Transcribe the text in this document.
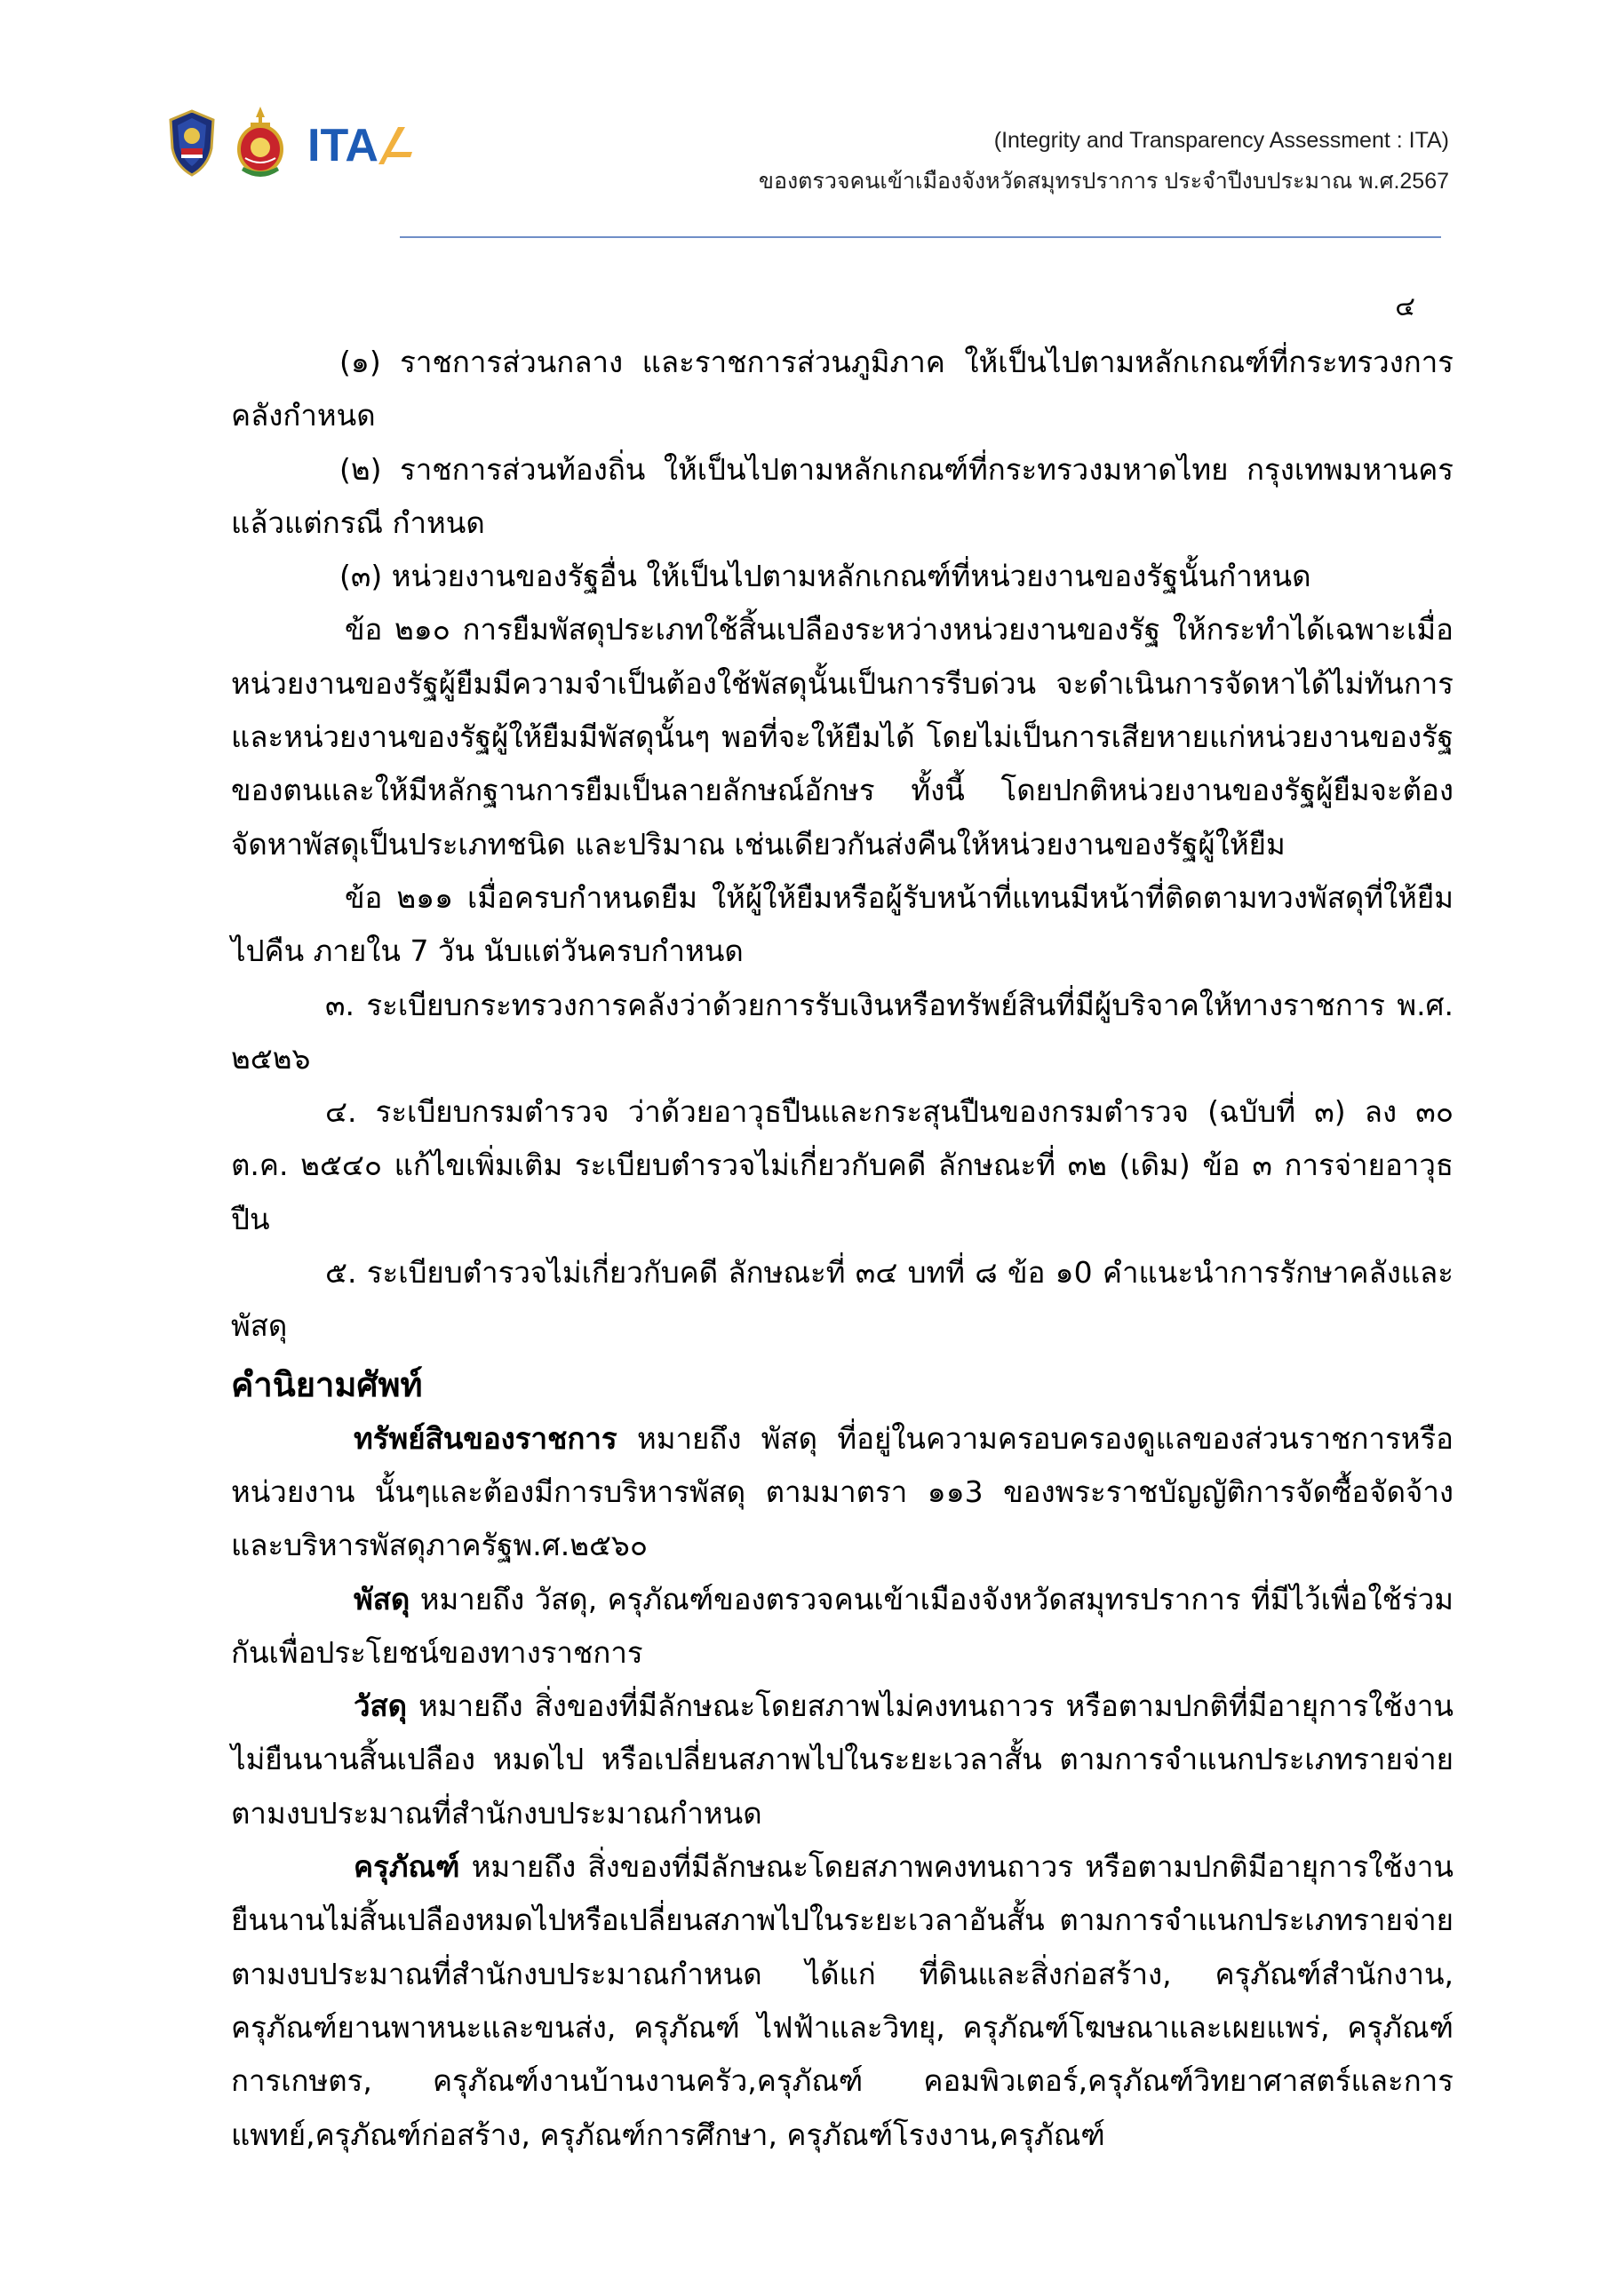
ITA	(Integrity and Transparency Assessment : ITA)
ของตรวจคนเข้าเมืองจังหวัดสมุทรปราการ ประจำปีงบประมาณ พ.ศ.2567
๔

(๑) ราชการส่วนกลาง และราชการส่วนภูมิภาค ให้เป็นไปตามหลักเกณฑ์ที่กระทรวงการคลังกำหนด

(๒) ราชการส่วนท้องถิ่น ให้เป็นไปตามหลักเกณฑ์ที่กระทรวงมหาดไทย กรุงเทพมหานคร แล้วแต่กรณี กำหนด

(๓) หน่วยงานของรัฐอื่น ให้เป็นไปตามหลักเกณฑ์ที่หน่วยงานของรัฐนั้นกำหนด

ข้อ ๒๑๐ การยืมพัสดุประเภทใช้สิ้นเปลืองระหว่างหน่วยงานของรัฐ ให้กระทำได้เฉพาะเมื่อหน่วยงานของรัฐผู้ยืมมีความจำเป็นต้องใช้พัสดุนั้นเป็นการรีบด่วน จะดำเนินการจัดหาได้ไม่ทันการและหน่วยงานของรัฐผู้ให้ยืมมีพัสดุนั้นๆ พอที่จะให้ยืมได้ โดยไม่เป็นการเสียหายแก่หน่วยงานของรัฐของตนและให้มีหลักฐานการยืมเป็นลายลักษณ์อักษร ทั้งนี้ โดยปกติหน่วยงานของรัฐผู้ยืมจะต้องจัดหาพัสดุเป็นประเภทชนิด และปริมาณ เช่นเดียวกันส่งคืนให้หน่วยงานของรัฐผู้ให้ยืม

ข้อ ๒๑๑ เมื่อครบกำหนดยืม ให้ผู้ให้ยืมหรือผู้รับหน้าที่แทนมีหน้าที่ติดตามทวงพัสดุที่ให้ยืมไปคืน ภายใน 7 วัน นับแต่วันครบกำหนด

๓. ระเบียบกระทรวงการคลังว่าด้วยการรับเงินหรือทรัพย์สินที่มีผู้บริจาคให้ทางราชการ พ.ศ. ๒๕๒๖

๔. ระเบียบกรมตำรวจ ว่าด้วยอาวุธปืนและกระสุนปืนของกรมตำรวจ (ฉบับที่ ๓) ลง ๓๐ ต.ค. ๒๕๔๐ แก้ไขเพิ่มเติม ระเบียบตำรวจไม่เกี่ยวกับคดี ลักษณะที่ ๓๒ (เดิม) ข้อ ๓ การจ่ายอาวุธปืน

๕. ระเบียบตำรวจไม่เกี่ยวกับคดี ลักษณะที่ ๓๔ บทที่ ๘ ข้อ ๑0 คำแนะนำการรักษาคลังและพัสดุ

คำนิยามศัพท์

ทรัพย์สินของราชการ หมายถึง พัสดุ ที่อยู่ในความครอบครองดูแลของส่วนราชการหรือหน่วยงาน นั้นๆและต้องมีการบริหารพัสดุ ตามมาตรา ๑๑3 ของพระราชบัญญัติการจัดซื้อจัดจ้างและบริหารพัสดุภาครัฐพ.ศ.๒๕๖๐

พัสดุ หมายถึง วัสดุ, ครุภัณฑ์ของตรวจคนเข้าเมืองจังหวัดสมุทรปราการ ที่มีไว้เพื่อใช้ร่วมกันเพื่อประโยชน์ของทางราชการ

วัสดุ หมายถึง สิ่งของที่มีลักษณะโดยสภาพไม่คงทนถาวร หรือตามปกติที่มีอายุการใช้งานไม่ยืนนานสิ้นเปลือง หมดไป หรือเปลี่ยนสภาพไปในระยะเวลาสั้น ตามการจำแนกประเภทรายจ่ายตามงบประมาณที่สำนักงบประมาณกำหนด

ครุภัณฑ์ หมายถึง สิ่งของที่มีลักษณะโดยสภาพคงทนถาวร หรือตามปกติมีอายุการใช้งานยืนนานไม่สิ้นเปลืองหมดไปหรือเปลี่ยนสภาพไปในระยะเวลาอันสั้น ตามการจำแนกประเภทรายจ่ายตามงบประมาณที่สำนักงบประมาณกำหนด ได้แก่ ที่ดินและสิ่งก่อสร้าง, ครุภัณฑ์สำนักงาน, ครุภัณฑ์ยานพาหนะและขนส่ง, ครุภัณฑ์ ไฟฟ้าและวิทยุ, ครุภัณฑ์โฆษณาและเผยแพร่, ครุภัณฑ์การเกษตร, ครุภัณฑ์งานบ้านงานครัว,ครุภัณฑ์ คอมพิวเตอร์,ครุภัณฑ์วิทยาศาสตร์และการแพทย์,ครุภัณฑ์ก่อสร้าง, ครุภัณฑ์การศึกษา, ครุภัณฑ์โรงงาน,ครุภัณฑ์
